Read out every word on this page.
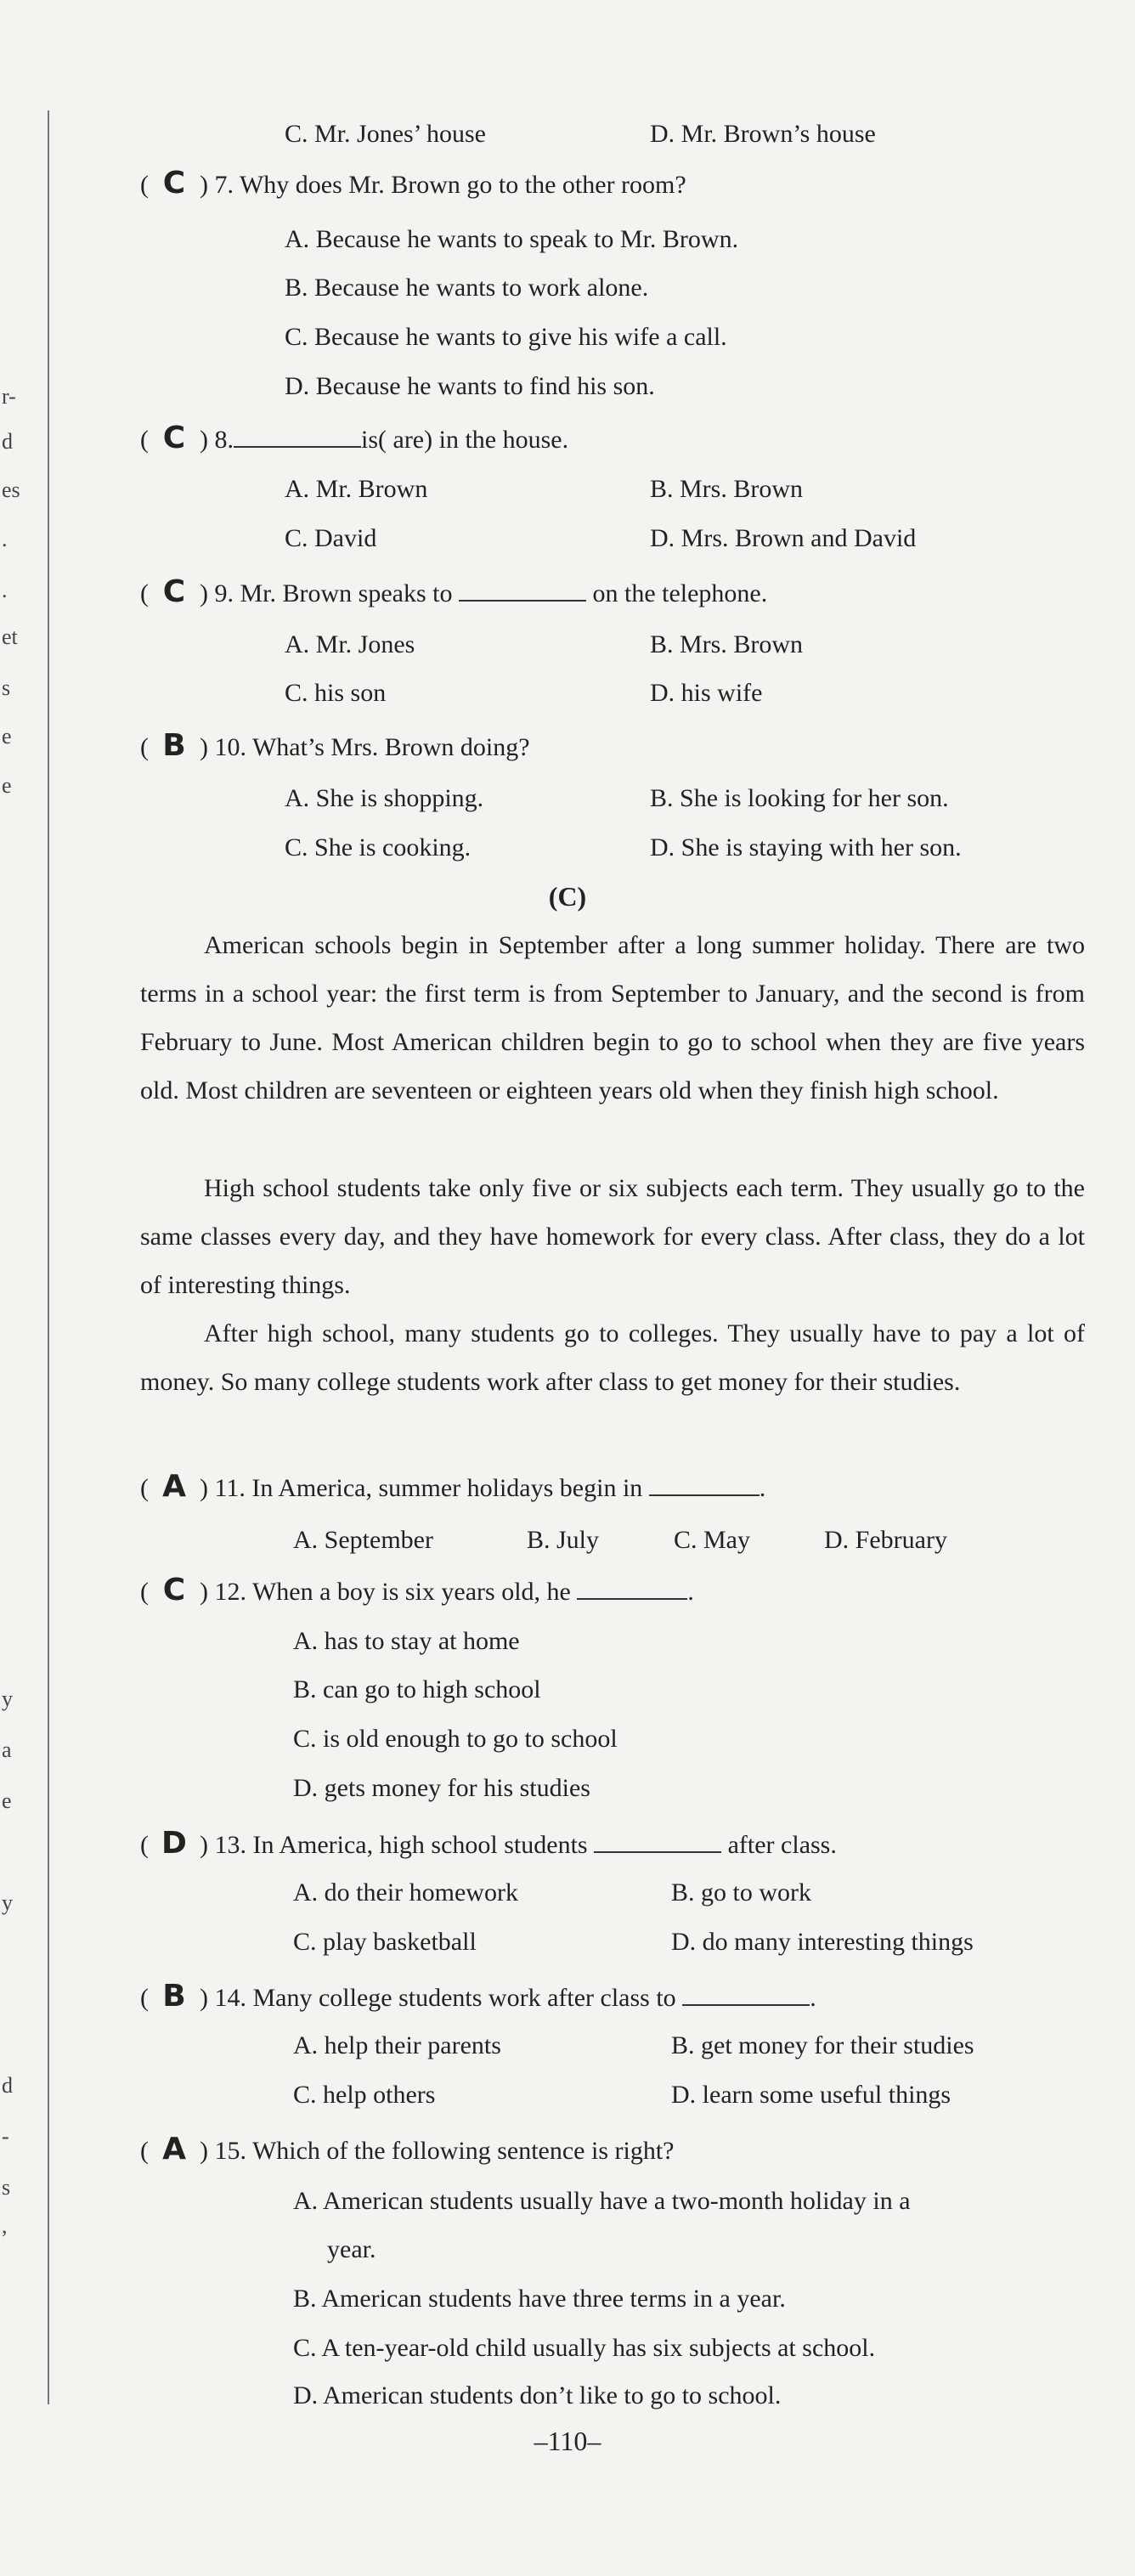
r-
d
es
.
.
et
s
e
e
y
a
e
y
d
-
s
,
C. Mr. Jones’ house	D. Mr. Brown’s house
( C ) 7. Why does Mr. Brown go to the other room?
A. Because he wants to speak to Mr. Brown.
B. Because he wants to work alone.
C. Because he wants to give his wife a call.
D. Because he wants to find his son.
( C ) 8.	is( are) in the house.
A. Mr. Brown	B. Mrs. Brown
C. David	D. Mrs. Brown and David
( C ) 9. Mr. Brown speaks to	on the telephone.
A. Mr. Jones	B. Mrs. Brown
C. his son	D. his wife
( B ) 10. What’s Mrs. Brown doing?
A. She is shopping.	B. She is looking for her son.
C. She is cooking.	D. She is staying with her son.
(C)
American schools begin in September after a long summer holiday. There are two terms in a school year: the first term is from September to January, and the second is from February to June. Most American children begin to go to school when they are five years old. Most children are seventeen or eighteen years old when they finish high school.
High school students take only five or six subjects each term. They usually go to the same classes every day, and they have homework for every class. After class, they do a lot of interesting things.
After high school, many students go to colleges. They usually have to pay a lot of money. So many college students work after class to get money for their studies.
( A ) 11. In America, summer holidays begin in	.
A. September	B. July	C. May	D. February
( C ) 12. When a boy is six years old, he	.
A. has to stay at home
B. can go to high school
C. is old enough to go to school
D. gets money for his studies
( D ) 13. In America, high school students	after class.
A. do their homework	B. go to work
C. play basketball	D. do many interesting things
( B ) 14. Many college students work after class to	.
A. help their parents	B. get money for their studies
C. help others	D. learn some useful things
( A ) 15. Which of the following sentence is right?
A. American students usually have a two-month holiday in a
year.
B. American students have three terms in a year.
C. A ten-year-old child usually has six subjects at school.
D. American students don’t like to go to school.
–110–
